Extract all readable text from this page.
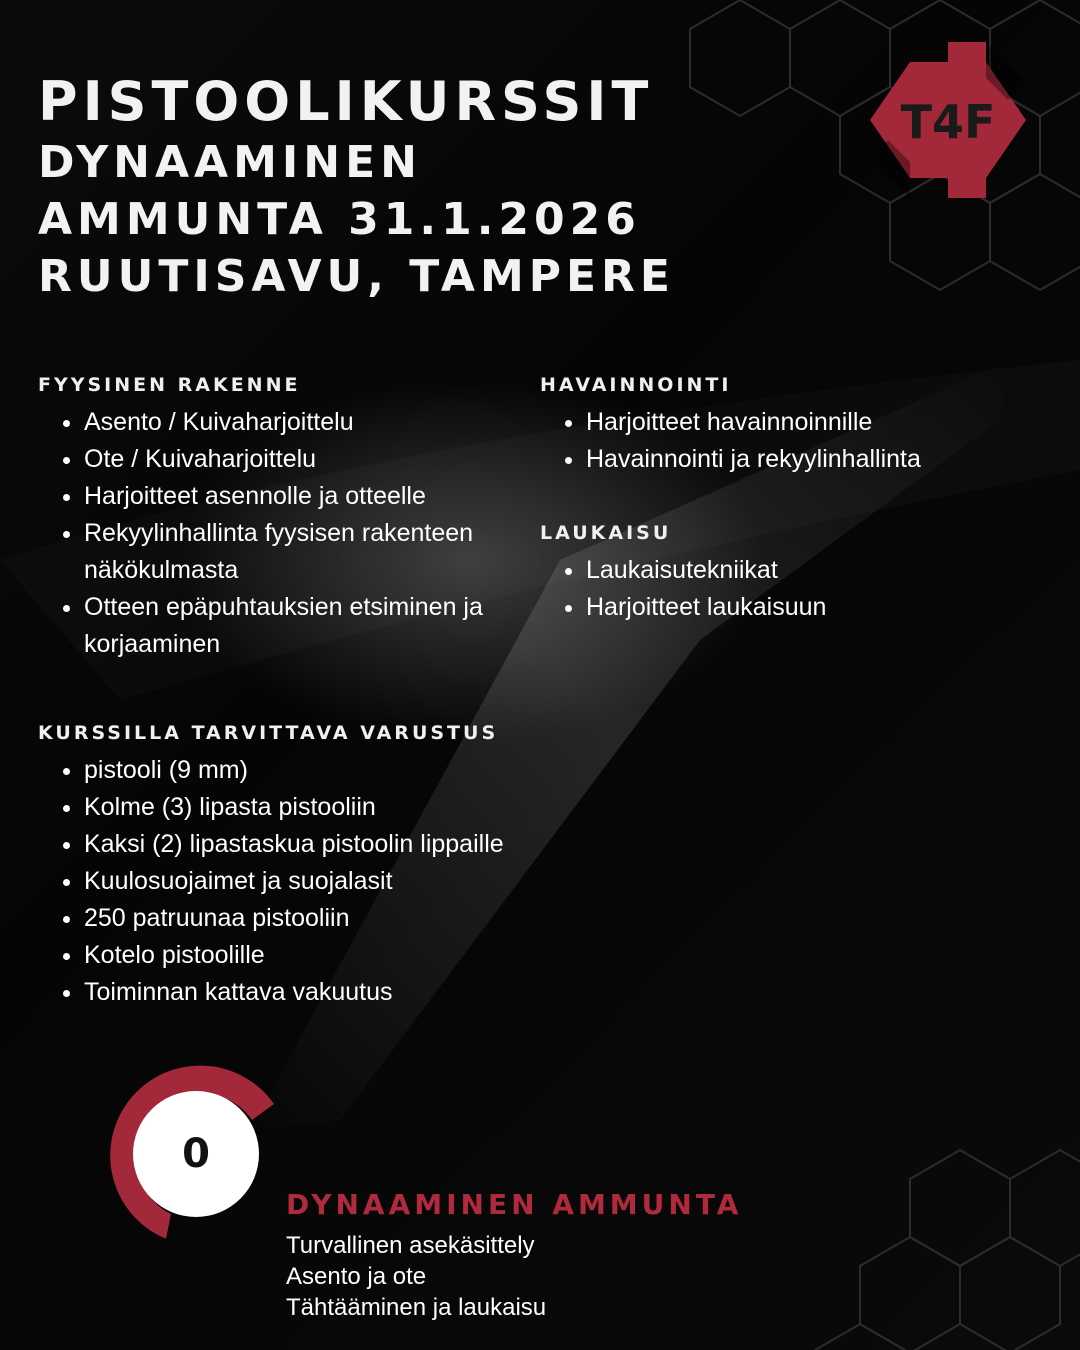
PISTOOLIKURSSIT
DYNAAMINEN
AMMUNTA 31.1.2026
RUUTISAVU, TAMPERE
T4F
FYYSINEN RAKENNE
• Asento / Kuivaharjoittelu
• Ote / Kuivaharjoittelu
• Harjoitteet asennolle ja otteelle
• Rekyylinhallinta fyysisen rakenteen näkökulmasta
• Otteen epäpuhtauksien etsiminen ja korjaaminen
HAVAINNOINTI
• Harjoitteet havainnoinnille
• Havainnointi ja rekyylinhallinta
LAUKAISU
• Laukaisutekniikat
• Harjoitteet laukaisuun
KURSSILLA TARVITTAVA VARUSTUS
• pistooli (9 mm)
• Kolme (3) lipasta pistooliin
• Kaksi (2) lipastaskua pistoolin lippaille
• Kuulosuojaimet ja suojalasit
• 250 patruunaa pistooliin
• Kotelo pistoolille
• Toiminnan kattava vakuutus
0
DYNAAMINEN AMMUNTA
Turvallinen asekäsittely
Asento ja ote
Tähtääminen ja laukaisu
